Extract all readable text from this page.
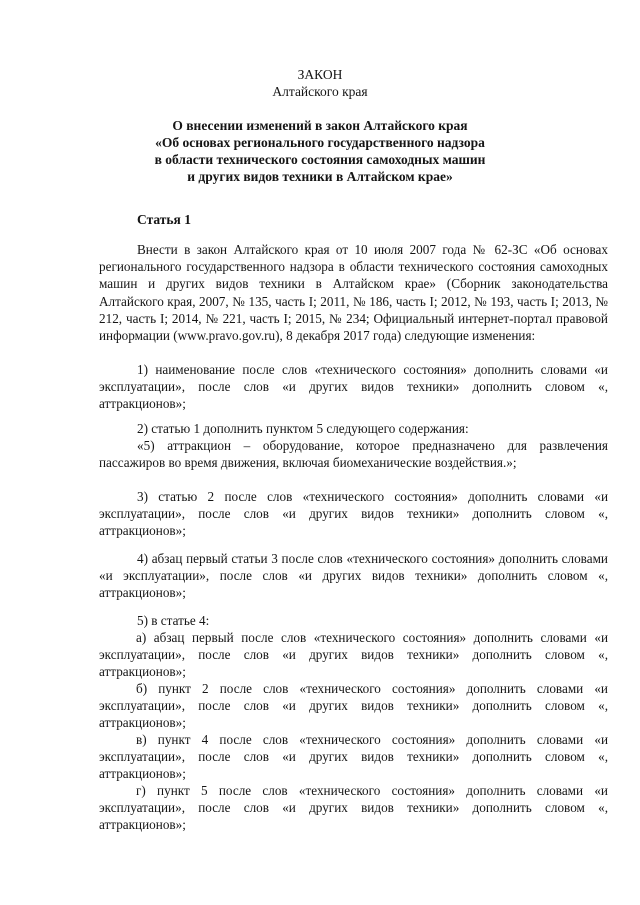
ЗАКОН
Алтайского края

О внесении изменений в закон Алтайского края

«Об основах регионального государственного надзора

в области технического состояния самоходных машин

и других видов техники в Алтайском крае»

Статья 1
Внести в закон Алтайского края от 10 июля 2007 года № 62-ЗС «Об основах регионального государственного надзора в области технического состояния самоходных машин и других видов техники в Алтайском крае» (Сборник законодательства Алтайского края, 2007, № 135, часть I; 2011, № 186, часть I; 2012, № 193, часть I; 2013, № 212, часть I; 2014, № 221, часть I; 2015, № 234; Официальный интернет-портал правовой информации (www.pravo.gov.ru), 8 декабря 2017 года) следующие изменения:
1) наименование после слов «технического состояния» дополнить словами «и эксплуатации», после слов «и других видов техники» дополнить словом «, аттракционов»;
2) статью 1 дополнить пунктом 5 следующего содержания:
«5) аттракцион – оборудование, которое предназначено для развлечения пассажиров во время движения, включая биомеханические воздействия.»;
3) статью 2 после слов «технического состояния» дополнить словами «и эксплуатации», после слов «и других видов техники» дополнить словом «, аттракционов»;
4) абзац первый статьи 3 после слов «технического состояния» дополнить словами «и эксплуатации», после слов «и других видов техники» дополнить словом «, аттракционов»;
5) в статье 4:
а) абзац первый после слов «технического состояния» дополнить словами «и эксплуатации», после слов «и других видов техники» дополнить словом «, аттракционов»;
б) пункт 2 после слов «технического состояния» дополнить словами «и эксплуатации», после слов «и других видов техники» дополнить словом «, аттракционов»;
в) пункт 4 после слов «технического состояния» дополнить словами «и эксплуатации», после слов «и других видов техники» дополнить словом «, аттракционов»;
г) пункт 5 после слов «технического состояния» дополнить словами «и эксплуатации», после слов «и других видов техники» дополнить словом «, аттракционов»;
